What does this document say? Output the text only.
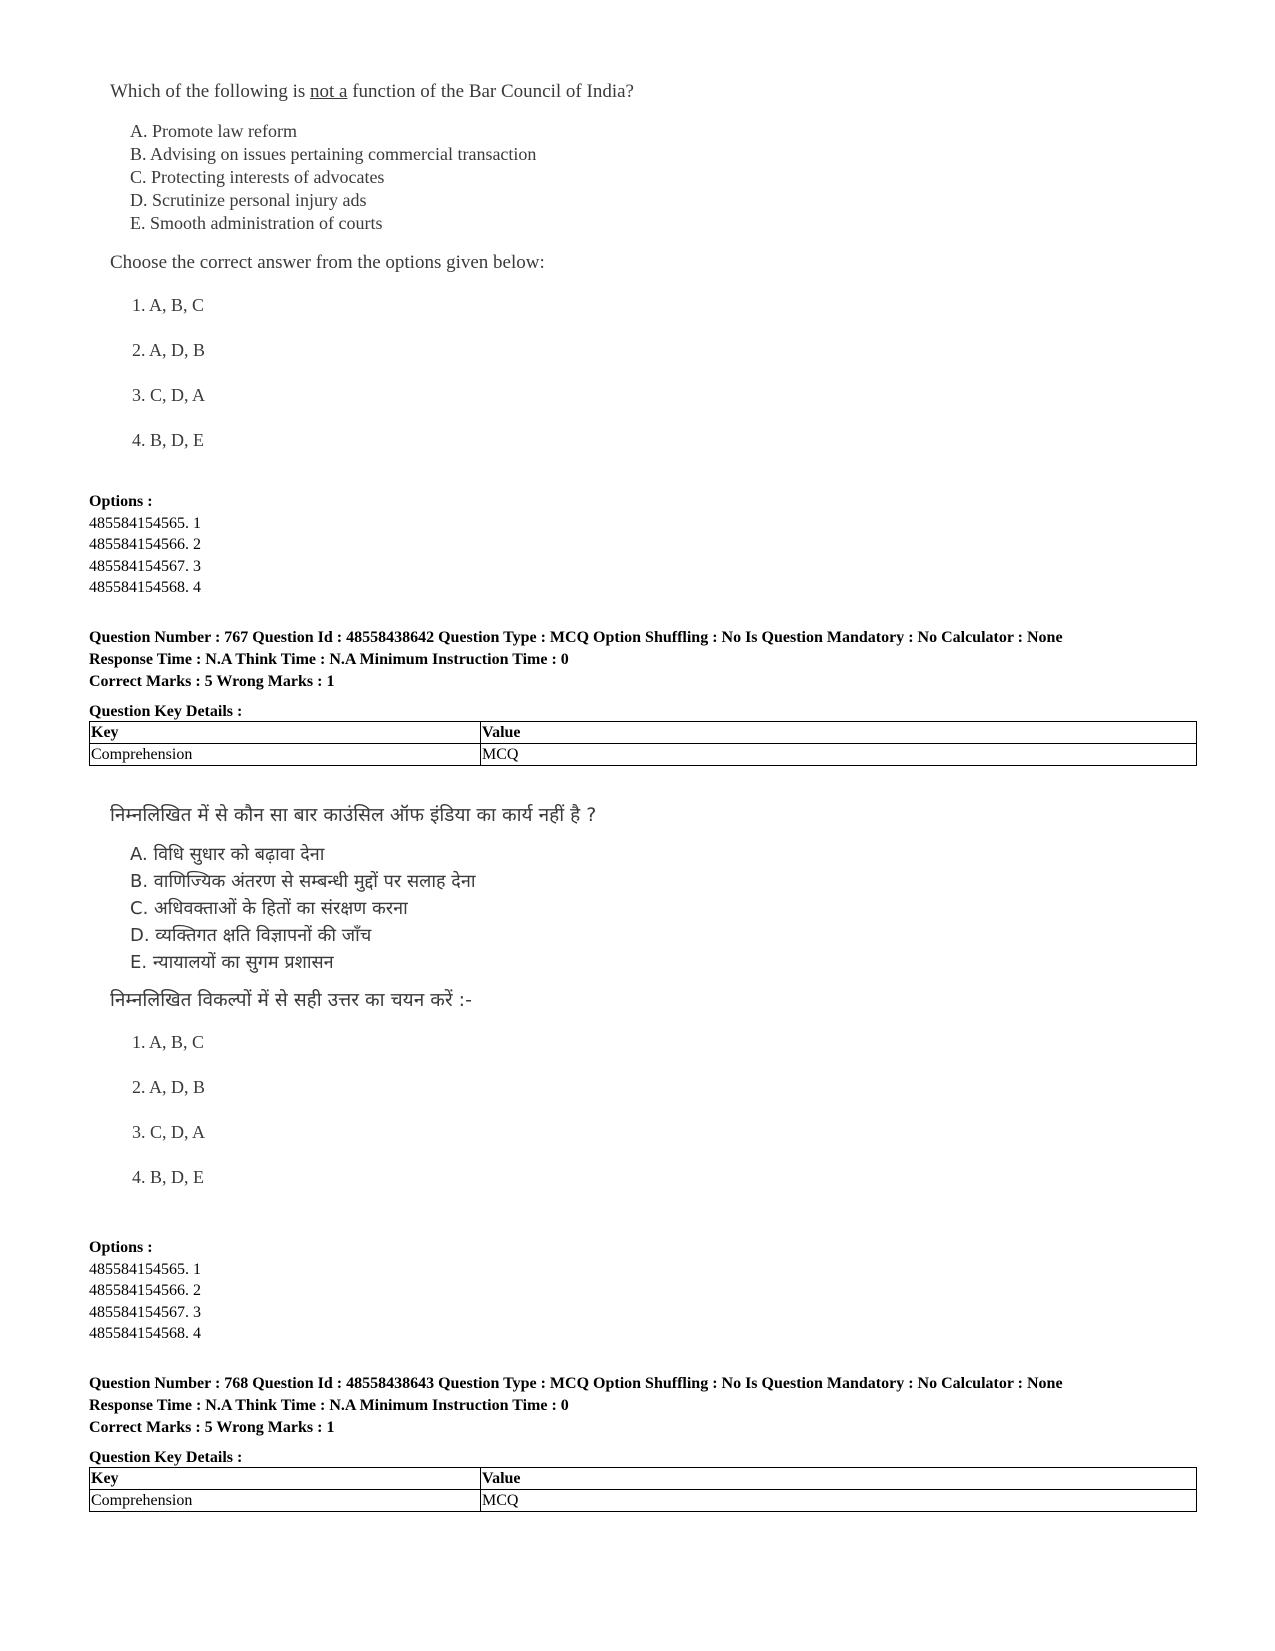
Which of the following is not a function of the Bar Council of India?

A. Promote law reform
B. Advising on issues pertaining commercial transaction
C. Protecting interests of advocates
D. Scrutinize personal injury ads
E. Smooth administration of courts

Choose the correct answer from the options given below:

1. A, B, C
2. A, D, B
3. C, D, A
4. B, D, E
Options :
485584154565. 1
485584154566. 2
485584154567. 3
485584154568. 4
Question Number : 767 Question Id : 48558438642 Question Type : MCQ Option Shuffling : No Is Question Mandatory : No Calculator : None
Response Time : N.A Think Time : N.A Minimum Instruction Time : 0
Correct Marks : 5 Wrong Marks : 1
Question Key Details :
Key	Value
Comprehension	MCQ

निम्नलिखित में से कौन सा बार काउंसिल ऑफ इंडिया का कार्य नहीं है ?

A. विधि सुधार को बढ़ावा देना
B. वाणिज्यिक अंतरण से सम्बन्धी मुद्दों पर सलाह देना
C. अधिवक्ताओं के हितों का संरक्षण करना
D. व्यक्तिगत क्षति विज्ञापनों की जाँच
E. न्यायालयों का सुगम प्रशासन

निम्नलिखित विकल्पों में से सही उत्तर का चयन करें :-

1. A, B, C
2. A, D, B
3. C, D, A
4. B, D, E
Options :
485584154565. 1
485584154566. 2
485584154567. 3
485584154568. 4
Question Number : 768 Question Id : 48558438643 Question Type : MCQ Option Shuffling : No Is Question Mandatory : No Calculator : None
Response Time : N.A Think Time : N.A Minimum Instruction Time : 0
Correct Marks : 5 Wrong Marks : 1
Question Key Details :
Key	Value
Comprehension	MCQ
